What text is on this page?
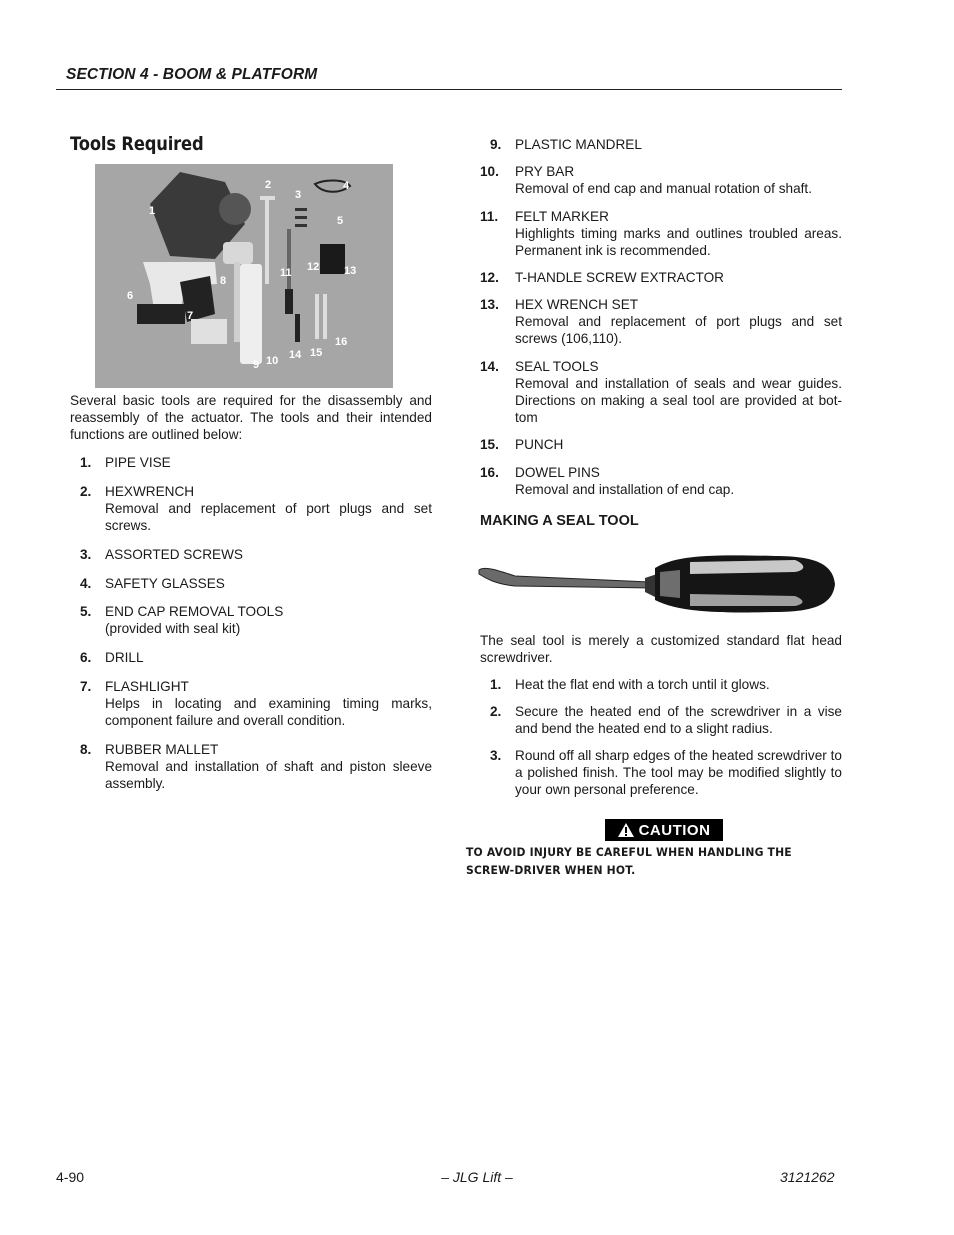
SECTION 4 - BOOM & PLATFORM
Tools Required
1
2
3
4
5
6
7
8
9 10
11 12 13
14 15
16
Several basic tools are required for the disassembly and reassembly of the actuator. The tools and their intended functions are outlined below:
1. PIPE VISE
2. HEXWRENCH
Removal and replacement of port plugs and set screws.
3. ASSORTED SCREWS
4. SAFETY GLASSES
5. END CAP REMOVAL TOOLS
(provided with seal kit)
6. DRILL
7. FLASHLIGHT
Helps in locating and examining timing marks, component failure and overall condition.
8. RUBBER MALLET
Removal and installation of shaft and piston sleeve assembly.
9. PLASTIC MANDREL
10. PRY BAR
Removal of end cap and manual rotation of shaft.
11. FELT MARKER
Highlights timing marks and outlines troubled areas. Permanent ink is recommended.
12. T-HANDLE SCREW EXTRACTOR
13. HEX WRENCH SET
Removal and replacement of port plugs and set screws (106,110).
14. SEAL TOOLS
Removal and installation of seals and wear guides. Directions on making a seal tool are provided at bot-tom
15. PUNCH
16. DOWEL PINS
Removal and installation of end cap.
MAKING A SEAL TOOL
The seal tool is merely a customized standard flat head screwdriver.
1. Heat the flat end with a torch until it glows.
2. Secure the heated end of the screwdriver in a vise and bend the heated end to a slight radius.
3. Round off all sharp edges of the heated screwdriver to a polished finish. The tool may be modified slightly to your own personal preference.
CAUTION
TO AVOID INJURY BE CAREFUL WHEN HANDLING THE SCREW-DRIVER WHEN HOT.
4-90	– JLG Lift –	3121262
